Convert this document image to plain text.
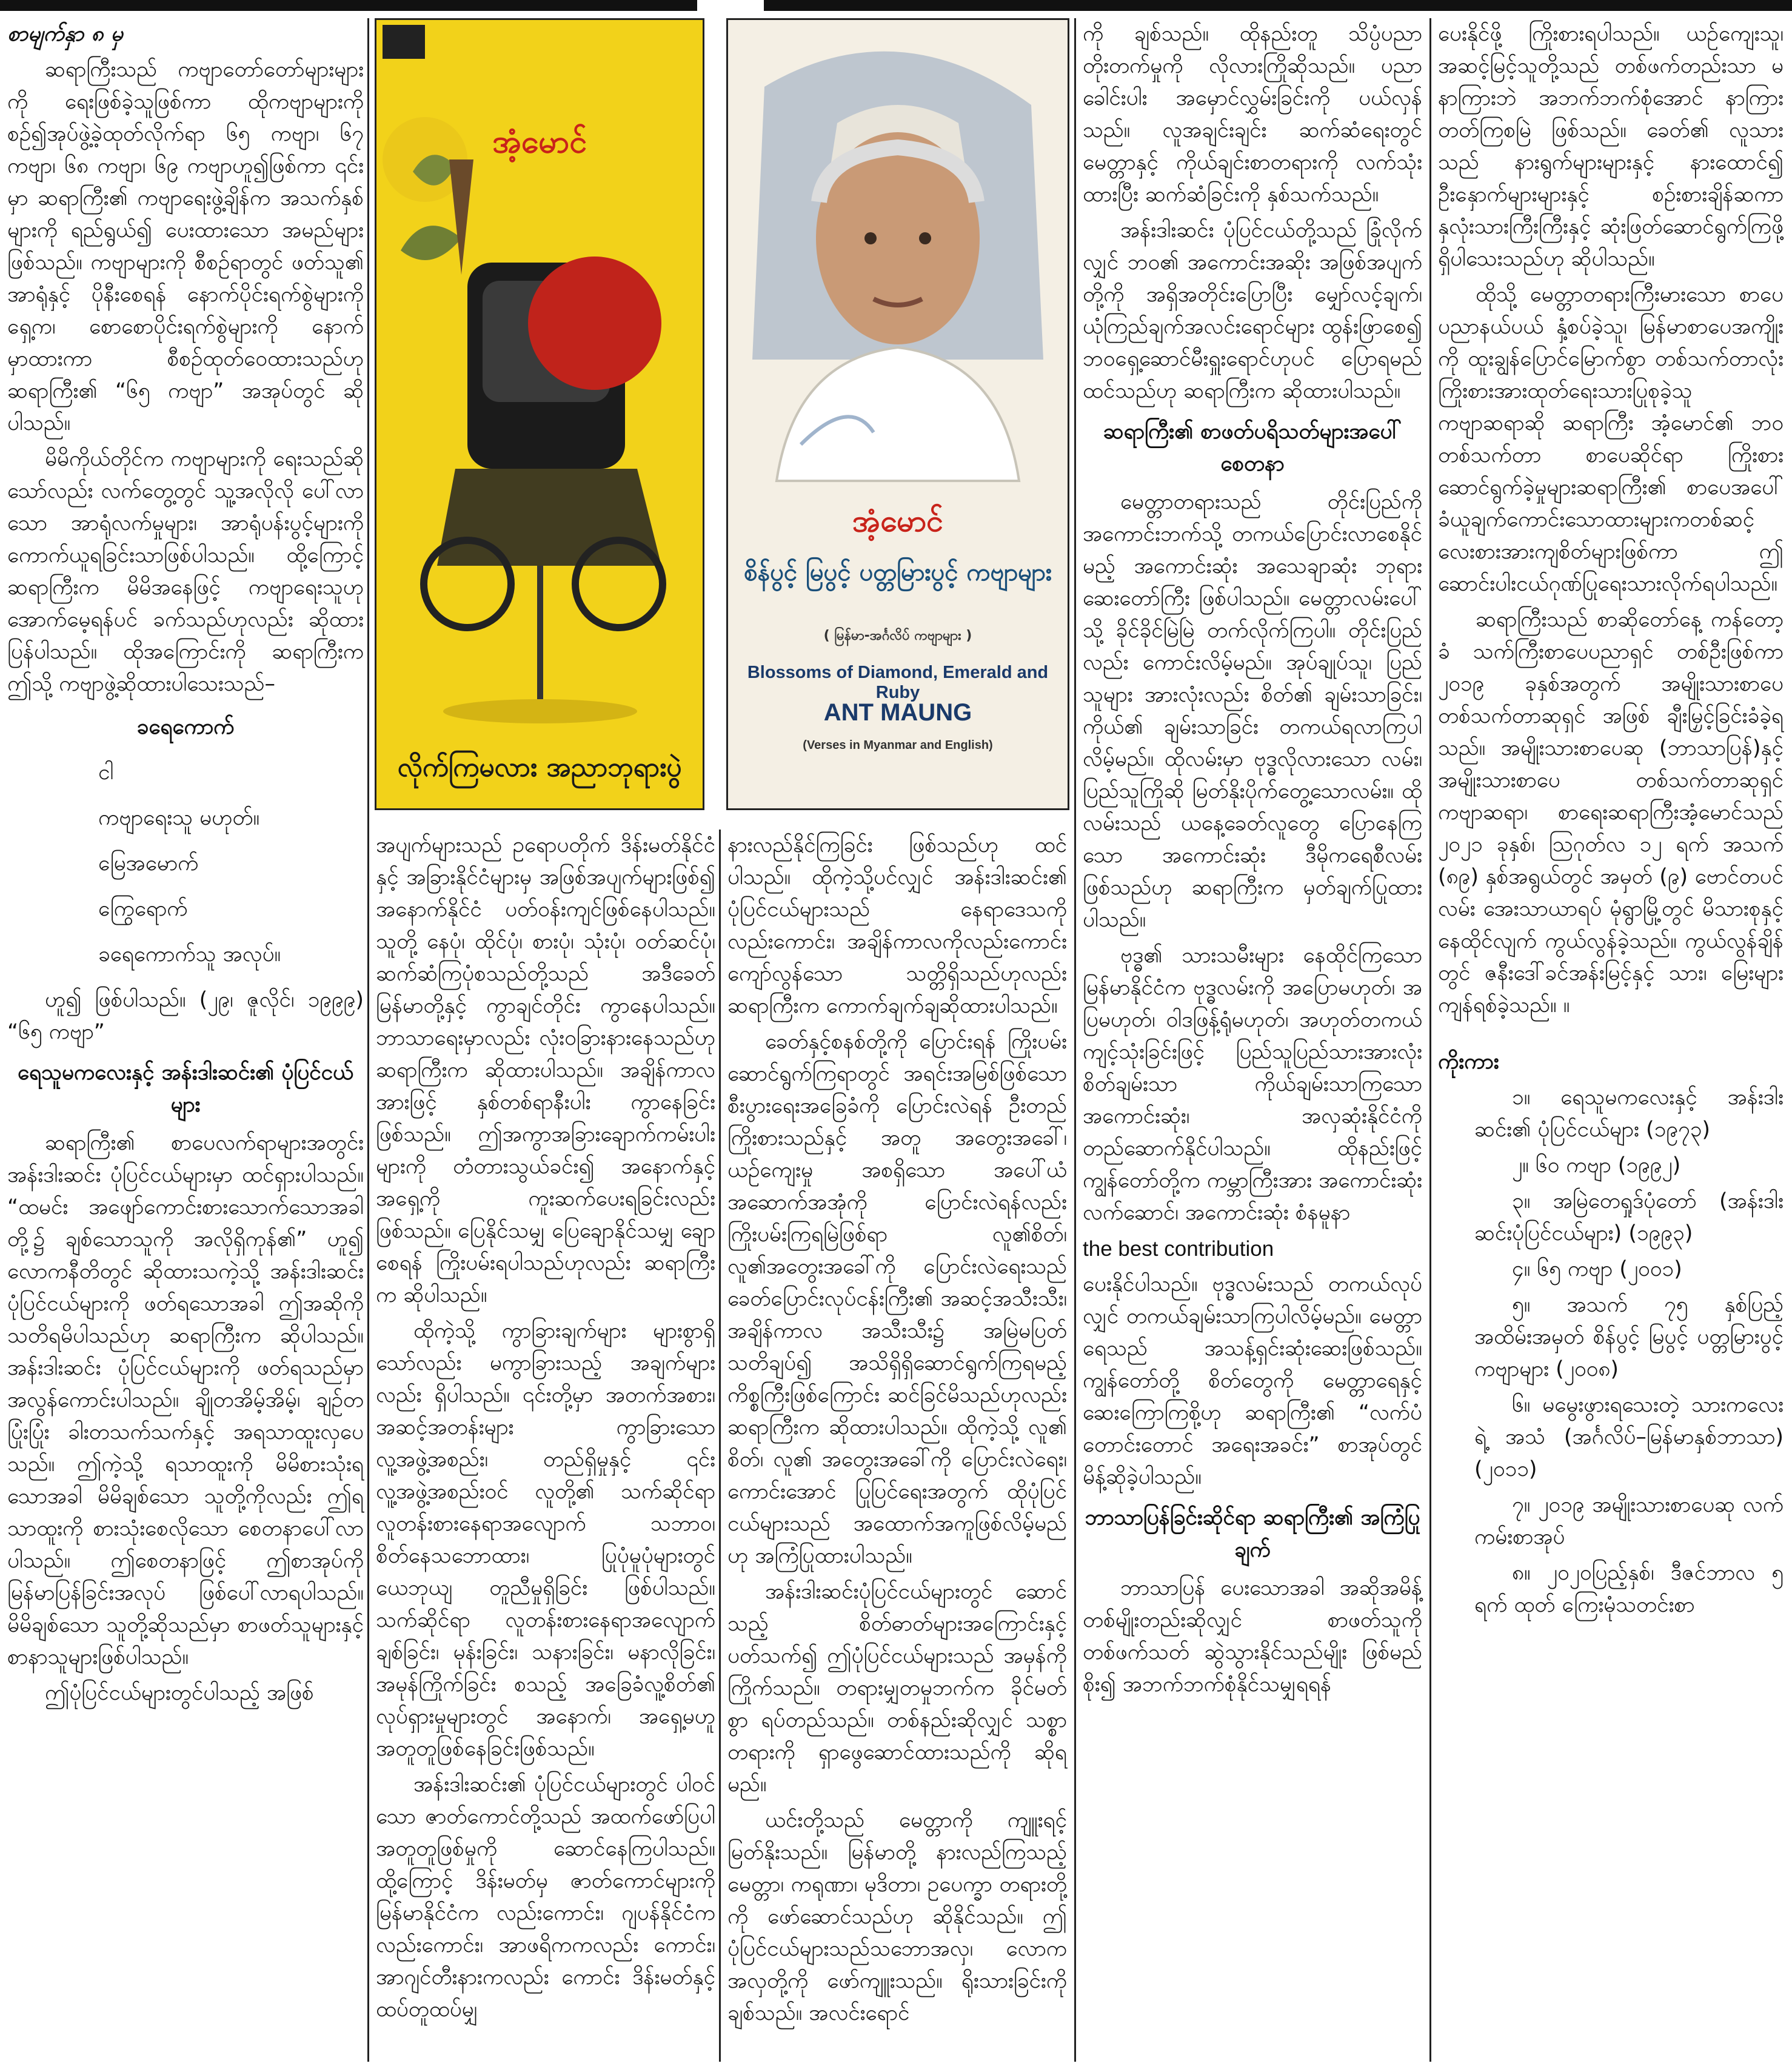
စာမျက်နှာ ၈ မှ

ဆရာကြီးသည် ကဗျာတော်တော်များများကို ရေးဖြစ်ခဲ့သူဖြစ်ကာ ထိုကဗျာများကို စဉ်၍အုပ်ဖွဲ့ခဲ့ထုတ်လိုက်ရာ ၆၅ ကဗျာ၊ ၆၇ ကဗျာ၊ ၆၈ ကဗျာ၊ ၆၉ ကဗျာဟူ၍ဖြစ်ကာ ၎င်းမှာ ဆရာကြီး၏ ကဗျာရေးဖွဲ့ချိန်က အသက်နှစ်များကို ရည်ရွယ်၍ ပေးထားသော အမည်များဖြစ်သည်။ ကဗျာများကို စီစဉ်ရာတွင် ဖတ်သူ၏ အာရုံနှင့် ပိုနီးစေရန် နောက်ပိုင်းရက်စွဲများကို ရှေ့က၊ စောစောပိုင်းရက်စွဲများကို နောက်မှာထားကာ စီစဉ်ထုတ်ဝေထားသည်ဟု ဆရာကြီး၏ “၆၅ ကဗျာ” အအုပ်တွင် ဆိုပါသည်။

မိမိကိုယ်တိုင်က ကဗျာများကို ရေးသည်ဆိုသော်လည်း လက်တွေ့တွင် သူ့အလိုလို ပေါ်လာသော အာရုံလက်မှုများ၊ အာရုံပန်းပွင့်များကို ကောက်ယူရခြင်းသာဖြစ်ပါသည်။ ထို့ကြောင့် ဆရာကြီးက မိမိအနေဖြင့် ကဗျာရေးသူဟု အောက်မေ့ရန်ပင် ခက်သည်ဟုလည်း ဆိုထားပြန်ပါသည်။ ထိုအကြောင်းကို ဆရာကြီးက ဤသို့ ကဗျာဖွဲ့ဆိုထားပါသေးသည်–

ခရေကောက်

ငါ

ကဗျာရေးသူ မဟုတ်။

မြေအမောက်

ကြွေရောက်

ခရေကောက်သူ အလုပ်။

ဟူ၍ ဖြစ်ပါသည်။ (၂၉၊ ဇူလိုင်၊ ၁၉၉၉) “၆၅ ကဗျာ”

ရေသူမကလေးနှင့် အန်းဒါးဆင်း၏ ပုံပြင်ငယ်များ

ဆရာကြီး၏ စာပေလက်ရာများအတွင်း အန်းဒါးဆင်း ပုံပြင်ငယ်များမှာ ထင်ရှားပါသည်။ “ထမင်း အဖျော်ကောင်းစားသောက်သောအခါတို့၌ ချစ်သောသူကို အလိုရှိကုန်၏” ဟူ၍ လောကနီတိတွင် ဆိုထားသကဲ့သို့ အန်းဒါးဆင်း ပုံပြင်ငယ်များကို ဖတ်ရသောအခါ ဤအဆိုကို သတိရမိပါသည်ဟု ဆရာကြီးက ဆိုပါသည်။ အန်းဒါးဆင်း ပုံပြင်ငယ်များကို ဖတ်ရသည်မှာ အလွန်ကောင်းပါသည်။ ချိုတအိမ့်အိမ့်၊ ချဉ်တပြုံးပြုံး ခါးတသက်သက်နှင့် အရသာထူးလှပေသည်။ ဤကဲ့သို့ ရသာထူးကို မိမိစားသုံးရသောအခါ မိမိချစ်သော သူတို့ကိုလည်း ဤရသာထူးကို စားသုံးစေလိုသော စေတနာပေါ်လာပါသည်။ ဤစေတနာဖြင့် ဤစာအုပ်ကို မြန်မာပြန်ခြင်းအလုပ် ဖြစ်ပေါ်လာရပါသည်။ မိမိချစ်သော သူတို့ဆိုသည်မှာ စာဖတ်သူများနှင့် စာနာသူများဖြစ်ပါသည်။

ဤပုံပြင်ငယ်များတွင်ပါသည့် အဖြစ်

အံ့မောင်
လိုက်ကြမလား အညာဘုရားပွဲ
အံ့မောင်
စိန်ပွင့် မြပွင့် ပတ္တမြားပွင့် ကဗျာများ
( မြန်မာ-အင်္ဂလိပ် ကဗျာများ )
Blossoms of Diamond, Emerald and Ruby
ANT MAUNG
(Verses in Myanmar and English)

အပျက်များသည် ဥရောပတိုက် ဒိန်းမတ်နိုင်ငံနှင့် အခြားနိုင်ငံများမှ အဖြစ်အပျက်များဖြစ်၍ အနောက်နိုင်ငံ ပတ်ဝန်းကျင်ဖြစ်နေပါသည်။ သူတို့ နေပုံ၊ ထိုင်ပုံ၊ စားပုံ၊ သုံးပုံ၊ ဝတ်ဆင်ပုံ၊ ဆက်ဆံကြပုံစသည်တို့သည် အဒီခေတ်မြန်မာတို့နှင့် ကွာချင်တိုင်း ကွာနေပါသည်။ ဘာသာရေးမှာလည်း လုံးဝခြားနားနေသည်ဟု ဆရာကြီးက ဆိုထားပါသည်။ အချိန်ကာလအားဖြင့် နှစ်တစ်ရာနီးပါး ကွာနေခြင်းဖြစ်သည်။ ဤအကွာအခြားချောက်ကမ်းပါးများကို တံတားသွယ်ခင်း၍ အနောက်နှင့် အရှေ့ကို ကူးဆက်ပေးရခြင်းလည်း ဖြစ်သည်။ ပြေနိုင်သမျှ ပြေချောနိုင်သမျှ ချောစေရန် ကြိုးပမ်းရပါသည်ဟုလည်း ဆရာကြီးက ဆိုပါသည်။

ထိုကဲ့သို့ ကွာခြားချက်များ များစွာရှိသော်လည်း မကွာခြားသည့် အချက်များလည်း ရှိပါသည်။ ၎င်းတို့မှာ အတက်အစား၊ အဆင့်အတန်းများ ကွာခြားသော လူ့အဖွဲ့အစည်း၊ တည်ရှိမှုနှင့် ၎င်းလူ့အဖွဲ့အစည်းဝင် လူတို့၏ သက်ဆိုင်ရာ လူတန်းစားနေရာအလျောက် သဘာဝ၊ စိတ်နေသဘောထား၊ ပြုပုံမူပုံများတွင် ယေဘုယျ တူညီမှုရှိခြင်း ဖြစ်ပါသည်။ သက်ဆိုင်ရာ လူတန်းစားနေရာအလျောက် ချစ်ခြင်း၊ မုန်းခြင်း၊ သနားခြင်း၊ မနာလိုခြင်း၊ အမုန်ကြိုက်ခြင်း စသည့် အခြေခံလူ့စိတ်၏ လုပ်ရှားမှုများတွင် အနောက်၊ အရှေ့မဟူ အတူတူဖြစ်နေခြင်းဖြစ်သည်။

အန်းဒါးဆင်း၏ ပုံပြင်ငယ်များတွင် ပါဝင်သော ဇာတ်ကောင်တို့သည် အထက်ဖော်ပြပါ အတူတူဖြစ်မှုကို ဆောင်နေကြပါသည်။ ထို့ကြောင့် ဒိန်းမတ်မှ ဇာတ်ကောင်များကို မြန်မာနိုင်ငံက လည်းကောင်း၊ ဂျပန်နိုင်ငံက လည်းကောင်း၊ အာဖရိကကလည်း ကောင်း၊ အာဂျင်တီးနားကလည်း ကောင်း ဒိန်းမတ်နှင့် ထပ်တူထပ်မျှ

နားလည်နိုင်ကြခြင်း ဖြစ်သည်ဟု ထင်ပါသည်။ ထိုကဲ့သို့ပင်လျှင် အန်းဒါးဆင်း၏ ပုံပြင်ငယ်များသည် နေရာဒေသကိုလည်းကောင်း၊ အချိန်ကာလကိုလည်းကောင်း ကျော်လွန်သော သတ္တိရှိသည်ဟုလည်း ဆရာကြီးက ကောက်ချက်ချဆိုထားပါသည်။

ခေတ်နှင့်စနစ်တို့ကို ပြောင်းရန် ကြိုးပမ်းဆောင်ရွက်ကြရာတွင် အရင်းအမြစ်ဖြစ်သော စီးပွားရေးအခြေခံကို ပြောင်းလဲရန် ဦးတည်ကြိုးစားသည်နှင့် အတူ အတွေးအခေါ်၊ ယဉ်ကျေးမှု အစရှိသော အပေါ်ယံအဆောက်အအုံကို ပြောင်းလဲရန်လည်း ကြိုးပမ်းကြရမြဲဖြစ်ရာ လူ၏စိတ်၊ လူ၏အတွေးအခေါ်ကို ပြောင်းလဲရေးသည် ခေတ်ပြောင်းလုပ်ငန်းကြီး၏ အဆင့်အသီးသီး၊ အချိန်ကာလ အသီးသီး၌ အမြဲမပြတ် သတိချပ်၍ အသိရှိရှိဆောင်ရွက်ကြရမည့် ကိစ္စကြီးဖြစ်ကြောင်း ဆင်ခြင်မိသည်ဟုလည်း ဆရာကြီးက ဆိုထားပါသည်။ ထိုကဲ့သို့ လူ၏ စိတ်၊ လူ၏ အတွေးအခေါ်ကို ပြောင်းလဲရေး၊ ကောင်းအောင် ပြုပြင်ရေးအတွက် ထိုပုံပြင်ငယ်များသည် အထောက်အကူဖြစ်လိမ့်မည်ဟု အကြံပြုထားပါသည်။

အန်းဒါးဆင်းပုံပြင်ငယ်များတွင် ဆောင်သည့် စိတ်ဓာတ်များအကြောင်းနှင့် ပတ်သက်၍ ဤပုံပြင်ငယ်များသည် အမှန်ကို ကြိုက်သည်။ တရားမျှတမှုဘက်က ခိုင်မတ်စွာ ရပ်တည်သည်။ တစ်နည်းဆိုလျှင် သစ္စာတရားကို ရှာဖွေဆောင်ထားသည်ကို ဆိုရမည်။

ယင်းတို့သည် မေတ္တာကို ကျူးရင့်မြတ်နိုးသည်။ မြန်မာတို့ နားလည်ကြသည့် မေတ္တာ၊ ကရုဏာ၊ မုဒိတာ၊ ဥပေက္ခာ တရားတို့ကို ဖော်ဆောင်သည်ဟု ဆိုနိုင်သည်။ ဤပုံပြင်ငယ်များသည်သဘောအလှ၊ လောကအလှတို့ကို ဖော်ကျူးသည်။ ရိုးသားခြင်းကို ချစ်သည်။ အလင်းရောင်

ကို ချစ်သည်။ ထိုနည်းတူ သိပ္ပံပညာ တိုးတက်မှုကို လိုလားကြိုဆိုသည်။ ပညာခေါင်းပါး အမှောင်လွှမ်းခြင်းကို ပယ်လှန်သည်။ လူအချင်းချင်း ဆက်ဆံရေးတွင် မေတ္တာနှင့် ကိုယ်ချင်းစာတရားကို လက်သုံးထားပြီး ဆက်ဆံခြင်းကို နှစ်သက်သည်။

အန်းဒါးဆင်း ပုံပြင်ငယ်တို့သည် ခြုံလိုက်လျှင် ဘဝ၏ အကောင်းအဆိုး အဖြစ်အပျက်တို့ကို အရှိအတိုင်းပြောပြီး မျှော်လင့်ချက်၊ ယုံကြည်ချက်အလင်းရောင်များ ထွန်းဖြာစေ၍ ဘဝရှေ့ဆောင်မီးရှူးရောင်ဟုပင် ပြောရမည်ထင်သည်ဟု ဆရာကြီးက ဆိုထားပါသည်။

ဆရာကြီး၏ စာဖတ်ပရိသတ်များအပေါ် စေတနာ

မေတ္တာတရားသည် တိုင်းပြည်ကို အကောင်းဘက်သို့ တကယ်ပြောင်းလာစေနိုင်မည့် အကောင်းဆုံး အသေချာဆုံး ဘုရားဆေးတော်ကြီး ဖြစ်ပါသည်။ မေတ္တာလမ်းပေါ်သို့ ခိုင်ခိုင်မြဲမြဲ တက်လိုက်ကြပါ။ တိုင်းပြည်လည်း ကောင်းလိမ့်မည်။ အုပ်ချုပ်သူ၊ ပြည်သူများ အားလုံးလည်း စိတ်၏ ချမ်းသာခြင်း၊ ကိုယ်၏ ချမ်းသာခြင်း တကယ်ရလာကြပါလိမ့်မည်။ ထိုလမ်းမှာ ဗုဒ္ဓလိုလားသော လမ်း၊ ပြည်သူကြိုဆို မြတ်နိုးပိုက်တွေ့သောလမ်း။ ထိုလမ်းသည် ယနေ့ခေတ်လူတွေ ပြောနေကြသော အကောင်းဆုံး ဒီမိုကရေစီလမ်းဖြစ်သည်ဟု ဆရာကြီးက မှတ်ချက်ပြုထားပါသည်။

ဗုဒ္ဓ၏ သားသမီးများ နေထိုင်ကြသော မြန်မာနိုင်ငံက ဗုဒ္ဓလမ်းကို အပြောမဟုတ်၊ အပြမဟုတ်၊ ဝါဒဖြန့်ရုံမဟုတ်၊ အဟုတ်တကယ် ကျင့်သုံးခြင်းဖြင့် ပြည်သူပြည်သားအားလုံး စိတ်ချမ်းသာ ကိုယ်ချမ်းသာကြသော အကောင်းဆုံး၊ အလှဆုံးနိုင်ငံကို တည်ဆောက်နိုင်ပါသည်။ ထိုနည်းဖြင့် ကျွန်တော်တို့က ကမ္ဘာကြီးအား အကောင်းဆုံး လက်ဆောင်၊ အကောင်းဆုံး စံနမူနာ

the best contribution

ပေးနိုင်ပါသည်။ ဗုဒ္ဓလမ်းသည် တကယ်လုပ်လျှင် တကယ်ချမ်းသာကြပါလိမ့်မည်။ မေတ္တာရေသည် အသန့်ရှင်းဆုံးဆေးဖြစ်သည်။ ကျွန်တော်တို့ စိတ်တွေကို မေတ္တာရေနှင့် ဆေးကြောကြစို့ဟု ဆရာကြီး၏ “လက်ပံတောင်းတောင် အရေးအခင်း” စာအုပ်တွင် မိန့်ဆိုခဲ့ပါသည်။

ဘာသာပြန်ခြင်းဆိုင်ရာ ဆရာကြီး၏ အကြံပြုချက်

ဘာသာပြန် ပေးသောအခါ အဆိုအမိန့် တစ်မျိုးတည်းဆိုလျှင် စာဖတ်သူကို တစ်ဖက်သတ် ဆွဲသွားနိုင်သည်မျိုး ဖြစ်မည်စိုး၍ အဘက်ဘက်စုံနိုင်သမျှရရန်

ပေးနိုင်ဖို့ ကြိုးစားရပါသည်။ ယဉ်ကျေးသူ၊ အဆင့်မြင့်သူတို့သည် တစ်ဖက်တည်းသာ မနာကြားဘဲ အဘက်ဘက်စုံအောင် နာကြားတတ်ကြစမြဲ ဖြစ်သည်။ ခေတ်၏ လူသားသည် နားရွက်များများနှင့် နားထောင်၍ ဦးနှောက်များများနှင့် စဉ်းစားချိန်ဆကာ နှလုံးသားကြီးကြီးနှင့် ဆုံးဖြတ်ဆောင်ရွက်ကြဖို့ ရှိပါသေးသည်ဟု ဆိုပါသည်။

ထိုသို့ မေတ္တာတရားကြီးမားသော စာပေပညာနယ်ပယ် နှံ့စပ်ခဲ့သူ၊ မြန်မာစာပေအကျိုးကို ထူးချွန်ပြောင်မြောက်စွာ တစ်သက်တာလုံး ကြိုးစားအားထုတ်ရေးသားပြုစုခဲ့သူ ကဗျာဆရာဆို ဆရာကြီး အံ့မောင်၏ ဘဝတစ်သက်တာ စာပေဆိုင်ရာ ကြိုးစားဆောင်ရွက်ခဲ့မှုများဆရာကြီး၏ စာပေအပေါ် ခံယူချက်ကောင်းသောထားများကတစ်ဆင့် လေးစားအားကျစိတ်များဖြစ်ကာ ဤဆောင်းပါးငယ်ဂုဏ်ပြုရေးသားလိုက်ရပါသည်။

ဆရာကြီးသည် စာဆိုတော်နေ့ ကန်တော့ခံ သက်ကြီးစာပေပညာရှင် တစ်ဦးဖြစ်ကာ ၂၀၁၉ ခုနှစ်အတွက် အမျိုးသားစာပေ တစ်သက်တာဆုရှင် အဖြစ် ချီးမြှင့်ခြင်းခံခဲ့ရသည်။ အမျိုးသားစာပေဆု (ဘာသာပြန်)နှင့် အမျိုးသားစာပေ တစ်သက်တာဆုရှင် ကဗျာဆရာ၊ စာရေးဆရာကြီးအံ့မောင်သည် ၂၀၂၁ ခုနှစ်၊ ဩဂုတ်လ ၁၂ ရက် အသက် (၈၉) နှစ်အရွယ်တွင် အမှတ် (၉) ဗောင်တပင်လမ်း အေးသာယာရပ် မုံရွာမြို့တွင် မိသားစုနှင့် နေထိုင်လျက် ကွယ်လွန်ခဲ့သည်။ ကွယ်လွန်ချိန်တွင် ဇနီးဒေါ်ခင်အန်းမြင့်နှင့် သား၊ မြေးများ ကျန်ရစ်ခဲ့သည်။ ။

ကိုးကား

၁။ ရေသူမကလေးနှင့် အန်းဒါးဆင်း၏ ပုံပြင်ငယ်များ (၁၉၇၃)

၂။ ၆၀ ကဗျာ (၁၉၉၂)

၃။ အမြဲတေရှုဒ်ပုံတော် (အန်းဒါးဆင်းပုံပြင်ငယ်များ) (၁၉၉၃)

၄။ ၆၅ ကဗျာ (၂၀၀၁)

၅။ အသက် ၇၅ နှစ်ပြည့် အထိမ်းအမှတ် စိန်ပွင့် မြပွင့် ပတ္တမြားပွင့် ကဗျာများ (၂၀၀၈)

၆။ မမွေးဖွားရသေးတဲ့ သားကလေးရဲ့ အသံ (အင်္ဂလိပ်–မြန်မာနှစ်ဘာသာ) (၂၀၁၁)

၇။ ၂၀၁၉ အမျိုးသားစာပေဆု လက်ကမ်းစာအုပ်

၈။ ၂၀၂၀ပြည့်နှစ်၊ ဒီဇင်ဘာလ ၅ ရက် ထုတ် ကြေးမုံသတင်းစာ
